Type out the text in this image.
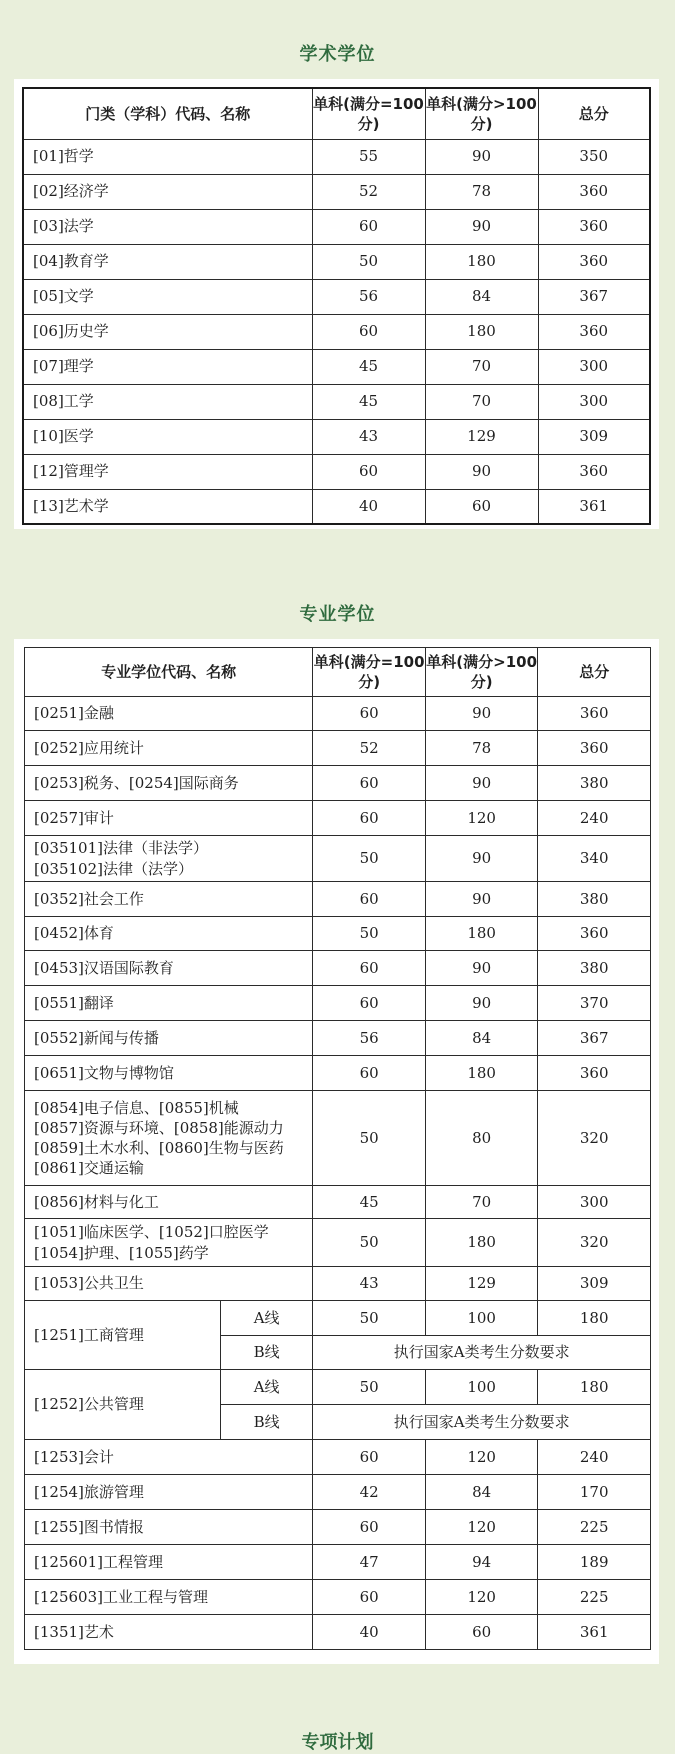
学术学位
门类（学科）代码、名称	单科(满分=100分)	单科(满分>100分)	总分
[01]哲学	55	90	350
[02]经济学	52	78	360
[03]法学	60	90	360
[04]教育学	50	180	360
[05]文学	56	84	367
[06]历史学	60	180	360
[07]理学	45	70	300
[08]工学	45	70	300
[10]医学	43	129	309
[12]管理学	60	90	360
[13]艺术学	40	60	361
专业学位
专业学位代码、名称		单科(满分=100分)	单科(满分>100分)	总分
[0251]金融		60	90	360
[0252]应用统计		52	78	360
[0253]税务、[0254]国际商务		60	90	380
[0257]审计		60	120	240

[035101]法律（非法学）
[035102]法律（法学）		50	90	340
[0352]社会工作		60	90	380
[0452]体育		50	180	360
[0453]汉语国际教育		60	90	380
[0551]翻译		60	90	370
[0552]新闻与传播		56	84	367
[0651]文物与博物馆		60	180	360

[0854]电子信息、[0855]机械
[0857]资源与环境、[0858]能源动力
[0859]土木水利、[0860]生物与医药
[0861]交通运输		50	80	320
[0856]材料与化工		45	70	300

[1051]临床医学、[1052]口腔医学
[1054]护理、[1055]药学		50	180	320
[1053]公共卫生		43	129	309
[1251]工商管理	A线	50	100	180
	B线	执行国家A类考生分数要求		
[1252]公共管理	A线	50	100	180
	B线	执行国家A类考生分数要求		
[1253]会计		60	120	240
[1254]旅游管理		42	84	170
[1255]图书情报		60	120	225
[125601]工程管理		47	94	189
[125603]工业工程与管理		60	120	225
[1351]艺术		40	60	361
专项计划
